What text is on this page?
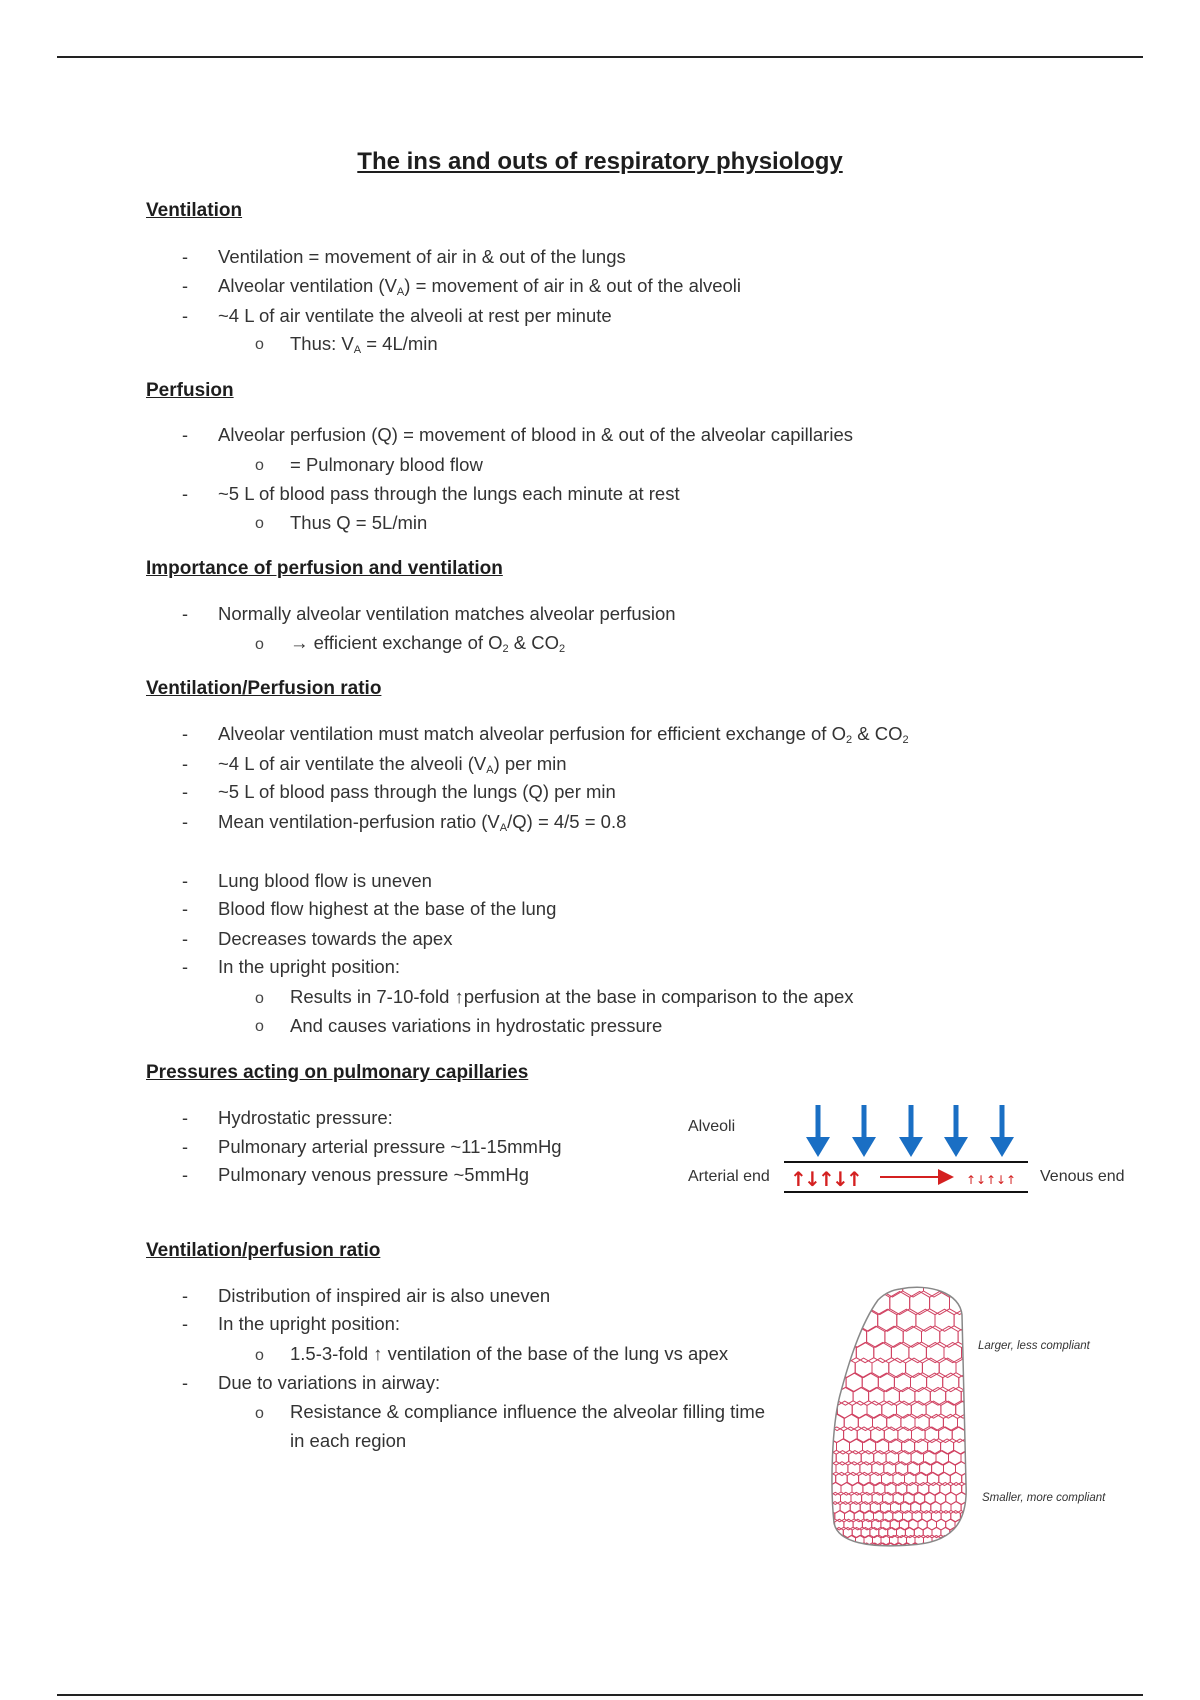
The ins and outs of respiratory physiology
Ventilation
- Ventilation = movement of air in & out of the lungs
- Alveolar ventilation $(V_A)$ = movement of air in & out of the alveoli
- ~4 L of air ventilate the alveoli at rest per minute
o Thus: $V_A = 4L/\min$
Perfusion
- Alveolar perfusion (Q) = movement of blood in & out of the alveolar capillaries
o = Pulmonary blood flow
- ~5 L of blood pass through the lungs each minute at rest
o Thus Q = 5L/min
Importance of perfusion and ventilation
- Normally alveolar ventilation matches alveolar perfusion
o → efficient exchange of $O_2$ & $CO_2$
Ventilation/Perfusion ratio
- Alveolar ventilation must match alveolar perfusion for efficient exchange of $O_2$ & $CO_2$
- ~4 L of air ventilate the alveoli $(V_A)$ per min
- ~5 L of blood pass through the lungs (Q) per min
- Mean ventilation-perfusion ratio $(V_A/Q) = 4/5 = 0.8$
- Lung blood flow is uneven
- Blood flow highest at the base of the lung
- Decreases towards the apex
- In the upright position:
o Results in 7-10-fold ↑perfusion at the base in comparison to the apex
o And causes variations in hydrostatic pressure
Pressures acting on pulmonary capillaries
- Hydrostatic pressure:
- Pulmonary arterial pressure ~11-15mmHg
- Pulmonary venous pressure ~5mmHg
Alveoli
Arterial end	Venous end
↑
↓
↑
↓
↑	↑ ↓ ↑ ↓ ↑
Ventilation/perfusion ratio
- Distribution of inspired air is also uneven
- In the upright position:
o 1.5-3-fold ↑ ventilation of the base of the lung vs apex
- Due to variations in airway:
o Resistance & compliance influence the alveolar filling time
in each region
Larger, less compliant
Smaller, more compliant
